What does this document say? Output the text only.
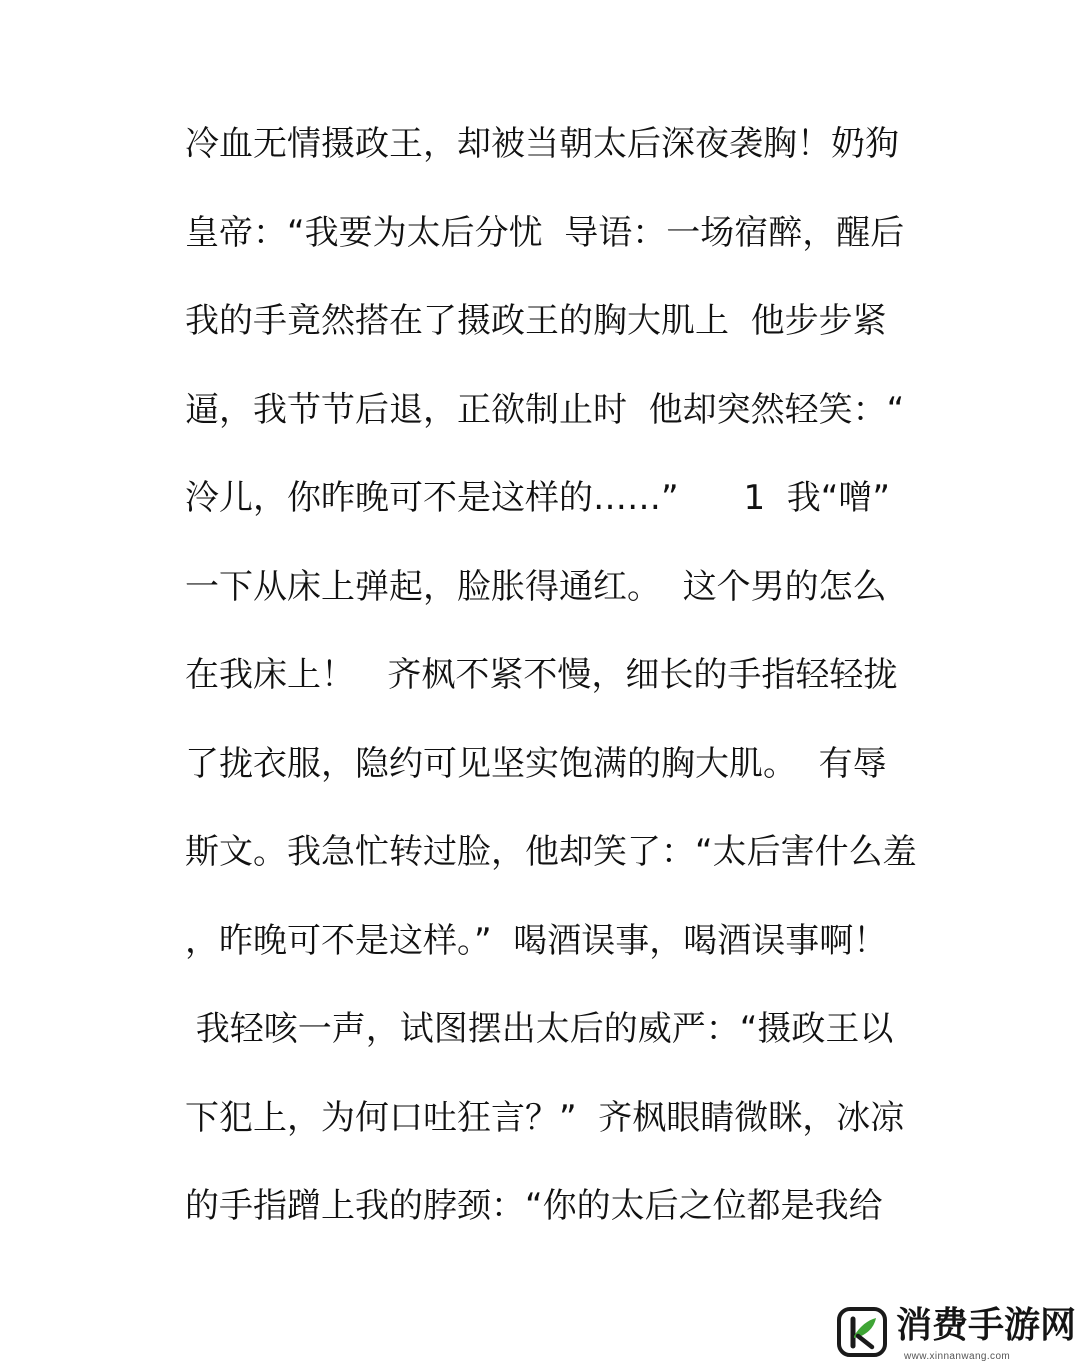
冷血无情摄政王，却被当朝太后深夜袭胸！奶狗
皇帝：“我要为太后分忧  导语：一场宿醉，醒后
我的手竟然搭在了摄政王的胸大肌上  他步步紧
逼，我节节后退，正欲制止时  他却突然轻笑：“
泠儿，你昨晚可不是这样的……”      1  我“噌”
一下从床上弹起，脸胀得通红。  这个男的怎么
在我床上！   齐枫不紧不慢，细长的手指轻轻拢
了拢衣服，隐约可见坚实饱满的胸大肌。  有辱
斯文。我急忙转过脸，他却笑了：“太后害什么羞
，昨晚可不是这样。”  喝酒误事，喝酒误事啊！
我轻咳一声，试图摆出太后的威严：“摄政王以
下犯上，为何口吐狂言？”  齐枫眼睛微眯，冰凉
的手指蹭上我的脖颈：“你的太后之位都是我给
消费手游网
www.xinnanwang.com
